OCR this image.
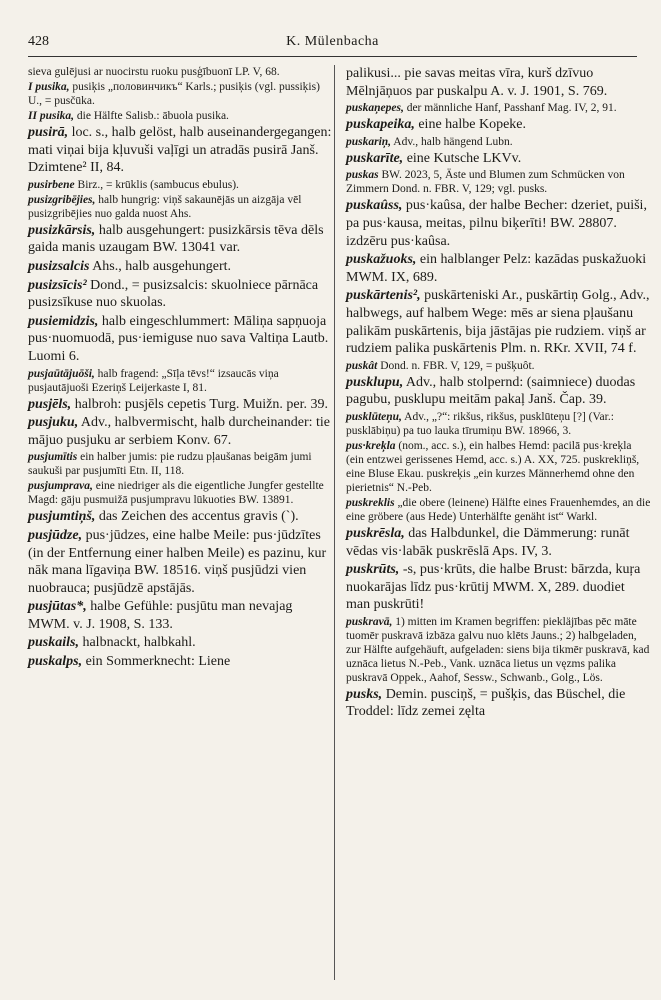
428	K. Mülenbacha
sieva gulējusi ar nuocirstu ruoku pusģībuonī LP. V, 68.
I pusika, pusiķis „половинчикъ“ Karls.; pusiķis (vgl. pussiķis) U., = pusčūka.
II pusika, die Hälfte Salisb.: ābuola pusika.
pusirā, loc. s., halb gelöst, halb auseinandergegangen: mati viņai bija kļuvuši vaļīgi un atradās pusirā Janš. Dzimtene² II, 84.
pusirbene Birz., = krūklis (sambucus ebulus).
pusizgribējies, halb hungrig: viņš sakaunējās un aizgāja vēl pusizgribējies nuo galda nuost Ahs.
pusizkārsis, halb ausgehungert: pusizkārsis tēva dēls gaida manis uzaugam BW. 13041 var.
pusizsalcis Ahs., halb ausgehungert.
pusizsīcis² Dond., = pusizsalcis: skuolniece pārnāca pusizsīkuse nuo skuolas.
pusiemidzis, halb eingeschlummert: Māliņa sapņuoja pus·nuomuodā, pus·iemiguse nuo sava Valtiņa Lautb. Luomi 6.
pusjaūtājuōši, halb fragend: „Sīļa tēvs!“ izsaucās viņa pusjautājuoši Ezeriņš Leijerkaste I, 81.
pusjēls, halbroh: pusjēls cepetis Turg. Muižn. per. 39.
pusjuku, Adv., halbvermischt, halb durcheinander: tie mājuo pusjuku ar serbiem Konv. 67.
pusjumītis ein halber jumis: pie rudzu pļaušanas beigām jumi saukuši par pusjumīti Etn. II, 118.
pusjumprava, eine niedriger als die eigentliche Jungfer gestellte Magd: gāju pusmuižā pusjumpravu lūkuoties BW. 13891.
pusjumtiņš, das Zeichen des accentus gravis (ˋ).
pusjūdze, pus·jūdzes, eine halbe Meile: pus·jūdzītes (in der Entfernung einer halben Meile) es pazinu, kur nāk mana līgaviņa BW. 18516. viņš pusjūdzi vien nuobrauca; pusjūdzē apstājās.
pusjūtas*, halbe Gefühle: pusjūtu man nevajag MWM. v. J. 1908, S. 133.
puskails, halbnackt, halbkahl.
puskalps, ein Sommerknecht: Liene
palikusi... pie savas meitas vīra, kurš dzīvuo Mēlnjāņuos par puskalpu A. v. J. 1901, S. 769.
puskaņepes, der männliche Hanf, Passhanf Mag. IV, 2, 91.
puskapeika, eine halbe Kopeke.
puskariņ, Adv., halb hängend Lubn.
puskarīte, eine Kutsche LKVv.
puskas BW. 2023, 5, Äste und Blumen zum Schmücken von Zimmern Dond. n. FBR. V, 129; vgl. pusks.
puskaûss, pus·kaûsa, der halbe Becher: dzeriet, puiši, pa pus·kausa, meitas, pilnu biķerīti! BW. 28807. izdzēru pus·kaûsa.
puskažuoks, ein halblanger Pelz: kazādas puskažuoki MWM. IX, 689.
puskārtenis², puskārteniski Ar., puskārtiņ Golg., Adv., halbwegs, auf halbem Wege: mēs ar siena pļaušanu palikām puskārtenis, bija jāstājas pie rudziem. viņš ar rudziem palika puskārtenis Plm. n. RKr. XVII, 74 f.
puskât Dond. n. FBR. V, 129, = pušķuôt.
pusklupu, Adv., halb stolpernd: (saimniece) duodas pagubu, pusklupu meitām pakaļ Janš. Čap. 39.
pusklūteņu, Adv., „?“: rikšus, rikšus, pusklūteņu [?] (Var.: pusklābiņu) pa tuo lauka tīrumiņu BW. 18966, 3.
pus·kreķla (nom., acc. s.), ein halbes Hemd: pacilā pus·kreķla (ein entzwei gerissenes Hemd, acc. s.) A. XX, 725. puskrekliņš, eine Bluse Ekau. puskreķis „ein kurzes Männerhemd ohne den pierietnis“ N.-Peb.
puskreklis „die obere (leinene) Hälfte eines Frauenhemdes, an die eine gröbere (aus Hede) Unterhälfte genäht ist“ Warkl.
puskrēsla, das Halbdunkel, die Dämmerung: runāt vēdas vis·labāk puskrēslā Aps. IV, 3.
puskrūts, -s, pus·krūts, die halbe Brust: bārzda, kuŗa nuokarājas līdz pus·krūtij MWM. X, 289. duodiet man puskrūti!
puskravā, 1) mitten im Kramen begriffen: piekläjības pēc māte tuomēr puskravā izbāza galvu nuo klēts Jauns.; 2) halbgeladen, zur Hälfte aufgehäuft, aufgeladen: siens bija tikmēr puskravā, kad uznāca lietus N.-Peb., Vank. uznāca lietus un vęzms palika puskravā Oppek., Aahof, Sessw., Schwanb., Golg., Lös.
pusks, Demin. pusciņš, = pušķis, das Büschel, die Troddel: līdz zemei zęlta
